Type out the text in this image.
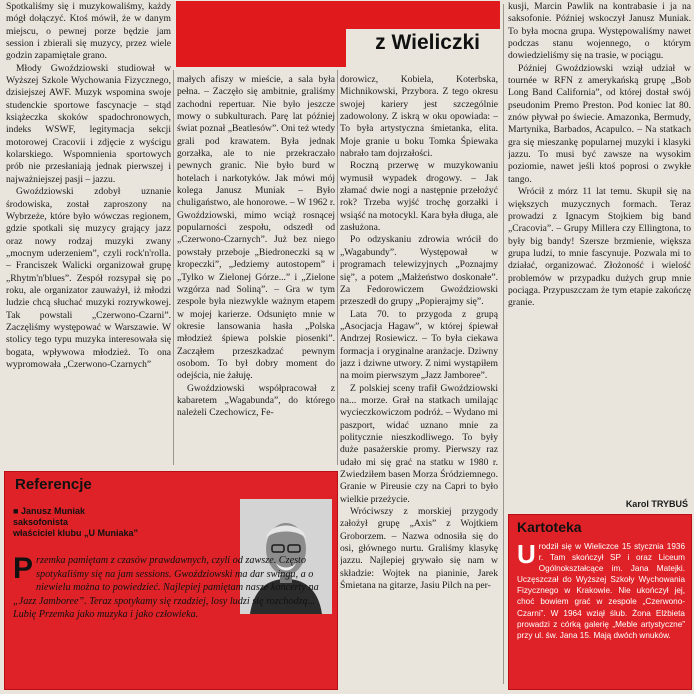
Spotkaliśmy się i muzykowaliśmy, każdy mógł dołączyć. Ktoś mówił, że w danym miejscu, o pewnej porze będzie jam session i zbierali się muzycy, przez wiele godzin zapamiętale grano.

Młody Gwoździowski studiował w Wyższej Szkole Wychowania Fizycznego, dzisiejszej AWF. Muzyk wspomina swoje studenckie sportowe fascynacje – stąd książeczka skoków spadochronowych, indeks WSWF, legitymacja sekcji motorowej Cracovii i zdjęcie z wyścigu kolarskiego. Wspomnienia sportowych prób nie przesłaniają jednak pierwszej i najważniejszej pasji – jazzu.

Gwoździowski zdobył uznanie środowiska, został zaproszony na Wybrzeże, które było wówczas regionem, gdzie spotkali się muzycy grający jazz oraz nowy rodzaj muzyki zwany „mocnym uderzeniem”, czyli rock'n'rolla. – Franciszek Walicki organizował grupę „Rhytm'n'blues”. Zespół rozsypał się po roku, ale organizator zauważył, iż młodzi ludzie chcą słuchać muzyki rozrywkowej. Tak powstali „Czerwono-Czarni”. Zaczęliśmy występować w Warszawie. W stolicy tego typu muzyka interesowała się bogata, wpływowa młodzież. To ona wypromowała „Czerwono-Czarnych”

z Wieliczki

małych afiszy w mieście, a sala była pełna. – Zaczęło się ambitnie, graliśmy zachodni repertuar. Nie było jeszcze mowy o subkulturach. Parę lat później świat poznał „Beatlesów”. Oni też wtedy grali pod krawatem. Była jednak gorzałka, ale to nie przekraczało pewnych granic. Nie było burd w hotelach i narkotyków. Jak mówi mój kolega Janusz Muniak – Było chuligaństwo, ale honorowe. – W 1962 r. Gwoździowski, mimo wciąż rosnącej popularności zespołu, odszedł od „Czerwono-Czarnych”. Już bez niego powstały przeboje „Biedroneczki są w kropeczki”, „Jedziemy autostopem” i „Tylko w Zielonej Górze...” i „Zielone wzgórza nad Soliną”. – Gra w tym zespole była niezwykle ważnym etapem w mojej karierze. Odsunięto mnie w okresie lansowania hasła „Polska młodzież śpiewa polskie piosenki”. Zacząłem przeszkadzać pewnym osobom. To był dobry moment do odejścia, nie żałuję.

Gwoździowski współpracował z kabaretem „Wagabunda”, do którego należeli Czechowicz, Fe-

dorowicz, Kobiela, Koterbska, Michnikowski, Przybora. Z tego okresu swojej kariery jest szczególnie zadowolony. Z iskrą w oku opowiada: – To była artystyczna śmietanka, elita. Moje granie u boku Tomka Śpiewaka nabrało tam dojrzałości.

Roczną przerwę w muzykowaniu wymusił wypadek drogowy. – Jak złamać dwie nogi a następnie przełożyć rok? Trzeba wyjść trochę gorzałki i wsiąść na motocykl. Kara była długa, ale zasłużona.

Po odzyskaniu zdrowia wrócił do „Wagabundy”. Występował w programach telewizyjnych „Poznajmy się”, a potem „Małżeństwo doskonałe”. Za Fedorowiczem Gwoździowski przeszedł do grupy „Popierajmy się”.

Lata 70. to przygoda z grupą „Asocjacja Hagaw”, w której śpiewał Andrzej Rosiewicz. – To była ciekawa formacja i oryginalne aranżacje. Dziwny jazz i dziwne utwory. Z nimi wystąpiłem na moim pierwszym „Jazz Jamboree”.

Z polskiej sceny trafił Gwoździowski na... morze. Grał na statkach umilając wycieczkowiczom podróż. – Wydano mi paszport, widać uznano mnie za politycznie nieszkodliwego. To były duże pasażerskie promy. Pierwszy raz udało mi się grać na statku w 1980 r. Zwiedziłem basen Morza Śródziemnego. Granie w Pireusie czy na Capri to było wielkie przeżycie.

Wróciwszy z morskiej przygody założył grupę „Axis” z Wojtkiem Groborzem. – Nazwa odnosiła się do osi, głównego nurtu. Graliśmy klasykę jazzu. Najlepiej grywało się nam w składzie: Wojtek na pianinie, Jarek Śmietana na gitarze, Jasiu Pilch na per-

kusji, Marcin Pawlik na kontrabasie i ja na saksofonie. Później wskoczył Janusz Muniak. To była mocna grupa. Występowaliśmy nawet podczas stanu wojennego, o którym dowiedzieliśmy się na trasie, w pociągu.

Później Gwoździowski wziął udział w tournée w RFN z amerykańską grupę „Bob Long Band California”, od której dostał swój pseudonim Premo Preston. Pod koniec lat 80. znów pływał po świecie. Amazonka, Bermudy, Martynika, Barbados, Acapulco. – Na statkach gra się mieszankę popularnej muzyki i klasyki jazzu. To musi być zawsze na wysokim poziomie, nawet jeśli ktoś poprosi o zwykłe tango.

Wrócił z mórz 11 lat temu. Skupił się na większych muzycznych formach. Teraz prowadzi z Ignacym Stojkiem big band „Cracovia”. – Grupy Millera czy Ellingtona, to były big bandy! Szersze brzmienie, większa grupa ludzi, to mnie fascynuje. Pozwala mi to działać, organizować. Złożoność i wielość problemów w przypadku dużych grup mnie pociąga. Przypuszczam że tym etapie zakończę granie.

Karol TRYBUŚ
Referencje
■ Janusz Muniak
saksofonista
właściciel klubu „U Muniaka”
Przemka pamiętam z czasów prawdawnych, czyli od zawsze. Często spotykaliśmy się na jam sessions. Gwoździowski ma dar swingu, a o niewielu można to powiedzieć. Najlepiej pamiętam nasze koncerty na „Jazz Jamboree”. Teraz spotykamy się rzadziej, losy ludzi się rozchodzą... Lubię Przemka jako muzyka i jako człowieka.
Kartoteka
Urodził się w Wieliczce 15 stycznia 1936 r. Tam skończył SP i oraz Liceum Ogólnokształcące im. Jana Matejki. Uczęszczał do Wyższej Szkoły Wychowania Fizycznego w Krakowie. Nie ukończył jej, choć bowiem grać w zespole „Czerwono-Czarni”. W 1964 wziął ślub. Żona Elżbieta prowadzi z córką galerię „Meble artystyczne” przy ul. św. Jana 15. Mają dwóch wnuków.
